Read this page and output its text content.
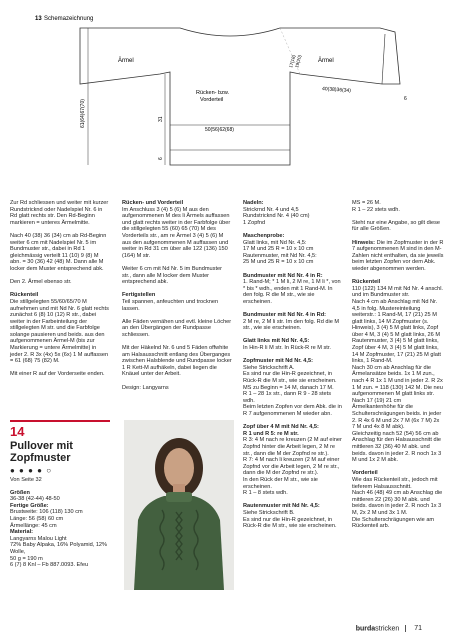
13 Schemazeichnung
61(64)67(70)	31
6
50(56)62(68)
Ärmel	Ärmel
Rücken- bzw.
Vorderteil
17(18)
19(20)
40(38)36(34)
6

Zur Rd schliessen und weiter mit kurzer Rundstricknd oder Nadelspiel Nr. 6 in Rd glatt rechts str. Den Rd-Beginn markieren = unteres Ärmelmitte.

Nach 40 (38) 36 (34) cm ab Rd-Beginn weiter 6 cm mit Nadelspiel Nr. 5 im Bundmuster str., dabei in Rd 1 gleichmässig verteilt 11 (10) 9 (8) M abn. = 30 (36) 42 (48) M. Dann alle M locker dem Muster entsprechend abk.

Den 2. Ärmel ebenso str.

Rückenteil

Die stillgelegten 55/60/65/70 M aufnehmen und mit Nd Nr. 6 glatt rechts zunächst 6 (8) 10 (12) R str., dabei weiter in der Farbeinteilung der stillgelegten M str. und die Farbfolge solange pausieren und beids. aus den aufgenommenen Ärmel-M (bis zur Markierung = untere Ärmelmitte) in jeder 2. R 3x (4x) 5x (6x) 1 M auffassen = 61 (68) 75 (82) M.

Mit einer R auf der Vorderseite enden.

14
Pullover mit Zopfmuster
● ● ● ● ○
Von Seite 32
Größen
36-38 (42-44) 48-50
Fertige Größe:
Brustweite: 106 (118) 130 cm
Länge: 56 (58) 60 cm
Ärmellänge: 45 cm
Material:
Langyarns Malou Light
72% Baby Alpaka, 16% Polyamid, 12% Wolle,
50 g = 190 m
6 (7) 8 Knl – Fb 887.0093. Efeu
Rücken- und Vorderteil

Im Anschluss 3 (4) 5 (6) M aus den aufgenommenen M des li Ärmels auffassen und glatt rechts weiter in der Farbfolge über die stillgelegten 55 (60) 65 (70) M des Vorderteils str., am re Ärmel 3 (4) 5 (6) M aus den aufgenommenen M auffassen und weiter in Rd 31 cm über alle 122 (136) 150 (164) M str.

Weiter 6 cm mit Nd Nr. 5 im Bundmuster str., dann alle M locker dem Muster entsprechend abk.

Fertigstellen

Teil spannen, anfeuchten und trocknen lassen.

Alle Fäden vernähen und evtl. kleine Löcher an den Übergängen der Rundpasse schliessen.

Mit der Häkelnd Nr. 6 und 5 Fäden offwhite am Halsausschnitt entlang des Überganges zwischen Halsblende und Rundpasse locker 1 R Kett-M aufhäkeln, dabei liegen die Knäuel unter der Arbeit.

Design: Langyarns

Nadeln:
Strickrnd Nr. 4 und 4,5
Rundstricknd Nr. 4 (40 cm)

1 Zopfnd

Maschenprobe:
Glatt links, mit Nd Nr. 4,5:
17 M und 25 R = 10 x 10 cm
Rautenmuster, mit Nd Nr. 4,5:

25 M und 25 R = 10 x 10 cm

Bundmuster mit Nd Nr. 4 in R:

1. Rand-M; * 1 M li, 2 M re, 1 M li *, von * bis * wdh., enden mit 1 Rand-M. In den folg. R die M str., wie sie erscheinen.

Bundmuster mit Nd Nr. 4 in Rd:

2 M re, 2 M li str. Im den folg. Rd die M str., wie sie erscheinen.

Glatt links mit Nd Nr. 4,5:

In Hin-R li M str. In Rück-R re M str.

Zopfmuster mit Nd Nr. 4,5:
Siehe Strickschrift A.
Es sind nur die Hin-R gezeichnet, in Rück-R die M str., wie sie erscheinen.
MS zu Beginn = 14 M, danach 17 M.
R 1 – 28 1x str., dann R 9 - 28 stets wdh.

Beim letzten Zopfen vor dem Abk. die in R 7 aufgenommenen M wieder abn.

Zopf über 4 M mit Nd Nr. 4,5:
R 1 und R 5: re M str.
R 3: 4 M nach re kreuzen (2 M auf einer Zopfnd hinter die Arbeit legen, 2 M re str., dann die M der Zopfnd re str.).
R 7: 4 M nach li kreuzen (2 M auf einer Zopfnd vor die Arbeit legen, 2 M re str., dann die M der Zopfnd re str.).
In den Rück der M str., wie sie erscheinen.

R 1 – 8 stets wdh.

Rautenmuster mit Nd Nr. 4,5:
Siehe Strickschrift B.
Es sind nur die Hin-R gezeichnet, in Rück-R die M str., wie sie erscheinen.
MS = 26 M.

R 1 – 22 stets wdh.

Steht nur eine Angabe, so gilt diese für alle Größen.

Hinweis: Die im Zopfmuster in der R 7 aufgenommenen M sind in den M-Zahlen nicht enthalten, da sie jeweils beim letzten Zopfen vor dem Abk. wieder abgenommen werden.

Rückenteil
110 (122) 134 M mit Nd Nr. 4 anschl. und im Bundmuster str.
Nach 4 cm ab Anschlag mit Nd Nr. 4,5 in folg. Mustereinteilung weiterstr.: 1 Rand-M, 17 (21) 25 M glatt links, 14 M Zopfmuster (s. Hinweis), 3 (4) 5 M glatt links, Zopf über 4 M, 3 (4) 5 M glatt links, 26 M Rautenmuster, 3 (4) 5 M glatt links, Zopf über 4 M, 3 (4) 5 M glatt links, 14 M Zopfmuster, 17 (21) 25 M glatt links, 1 Rand-M.
Nach 30 cm ab Anschlag für die Ärmelansätze beids. 1x 1 M zun., nach 4 R 1x 1 M und in jeder 2. R 2x 1 M zun. = 118 (130) 142 M. Die neu aufgenommenen M glatt links str.
Nach 17 (19) 21 cm Ärmelkantenhöhe für die Schulterschrägungen beids. in jeder 2. R 4x 6 M und 2x 7 M (6x 7 M) 2x 7 M und 4x 8 M abk).

Gleichzeitig nach 52 (54) 56 cm ab Anschlag für den Halsausschnitt die mittleren 32 (36) 40 M abk. und beids. davon in jeder 2. R noch 1x 3 M und 1x 2 M abk.

Vorderteil
Wie das Rückenteil str., jedoch mit tieferem Halsausschnitt.
Nach 46 (48) 49 cm ab Anschlag die mittleren 22 (26) 30 M abk. und beids. davon in jeder 2. R noch 1x 3 M, 2x 2 M und 3x 1 M.
Die Schulterschrägungen wie am Rückenteil arb.
burdastricken 71
